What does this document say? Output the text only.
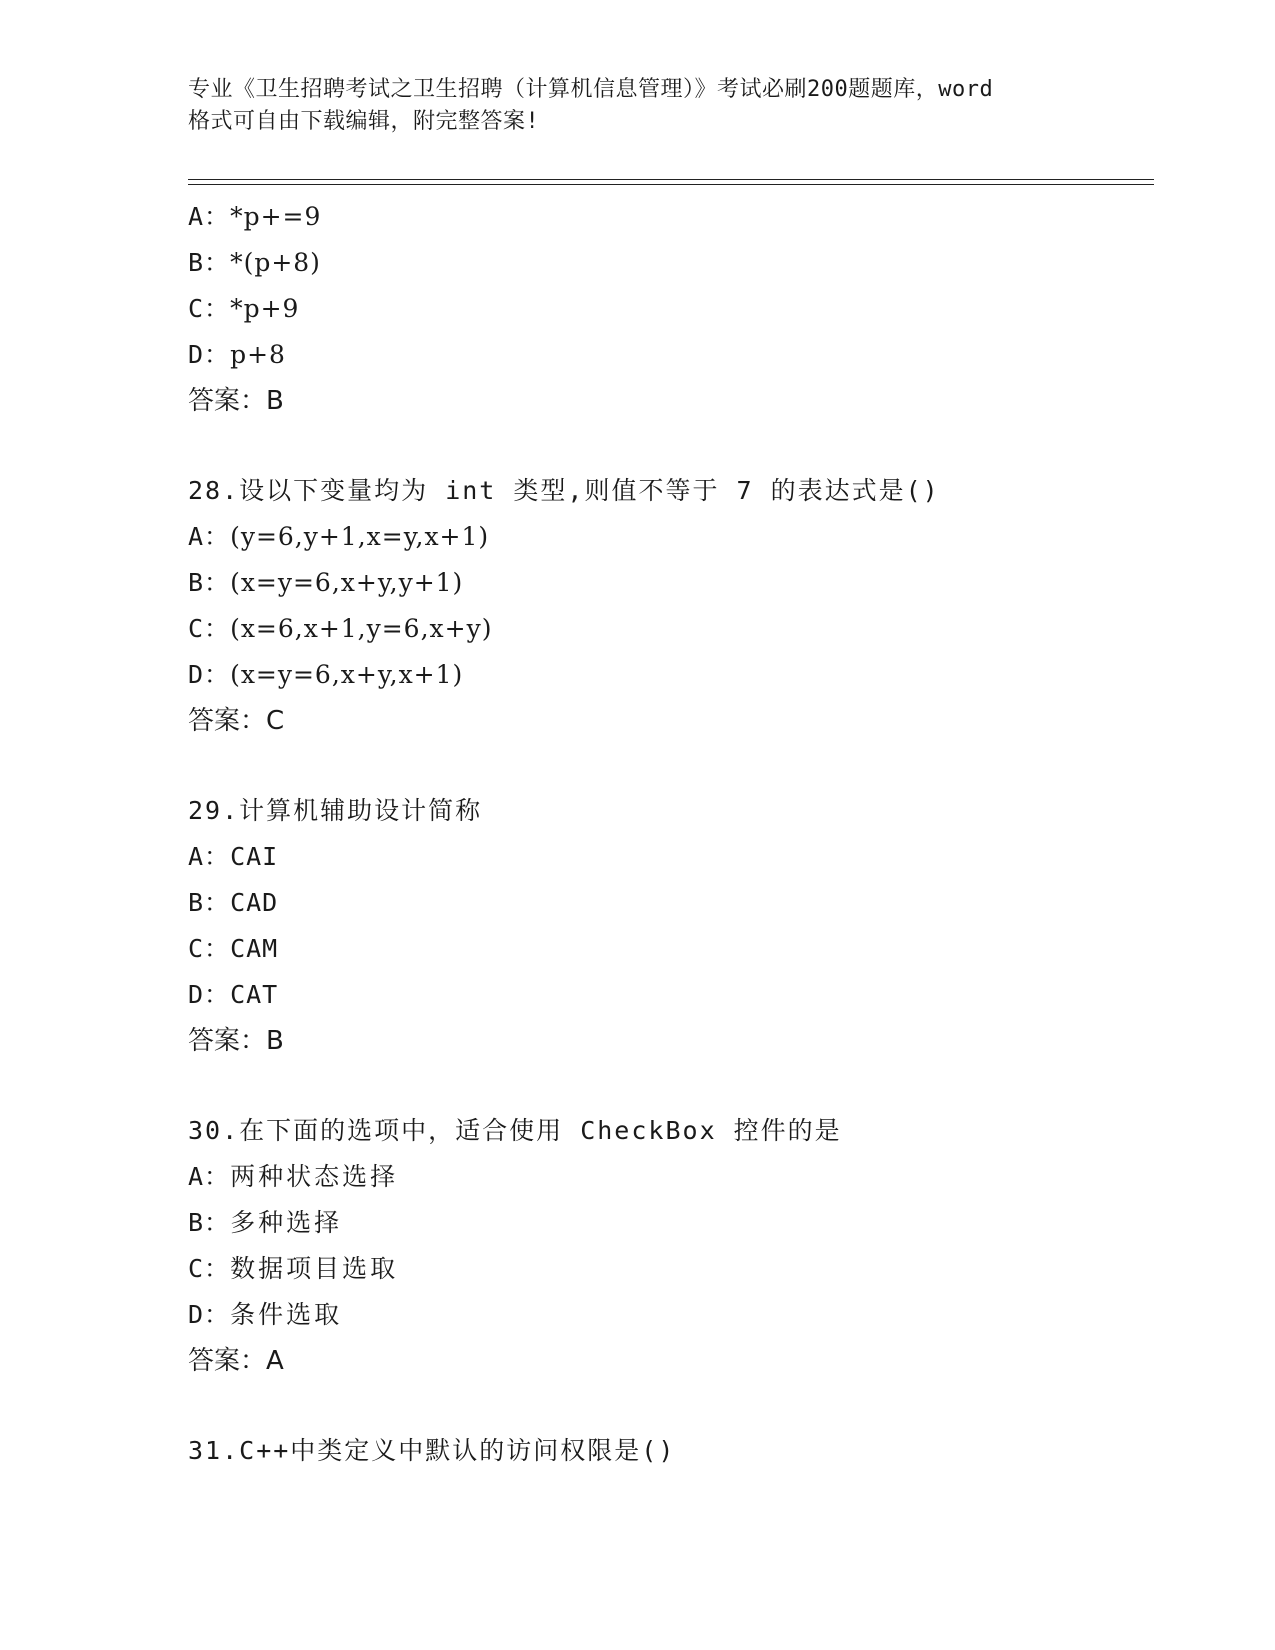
专业《卫生招聘考试之卫生招聘（计算机信息管理）》考试必刷200题题库，word
格式可自由下载编辑，附完整答案!
A：*p+=9
B：*(p+8)
C：*p+9
D：p+8
答案：B
28.设以下变量均为 int 类型,则值不等于 7 的表达式是()
A：(y=6,y+1,x=y,x+1)
B：(x=y=6,x+y,y+1)
C：(x=6,x+1,y=6,x+y)
D：(x=y=6,x+y,x+1)
答案：C
29.计算机辅助设计简称
A：CAI
B：CAD
C：CAM
D：CAT
答案：B
30.在下面的选项中，适合使用 CheckBox 控件的是
A：两种状态选择
B：多种选择
C：数据项目选取
D：条件选取
答案：A
31.C++中类定义中默认的访问权限是()
